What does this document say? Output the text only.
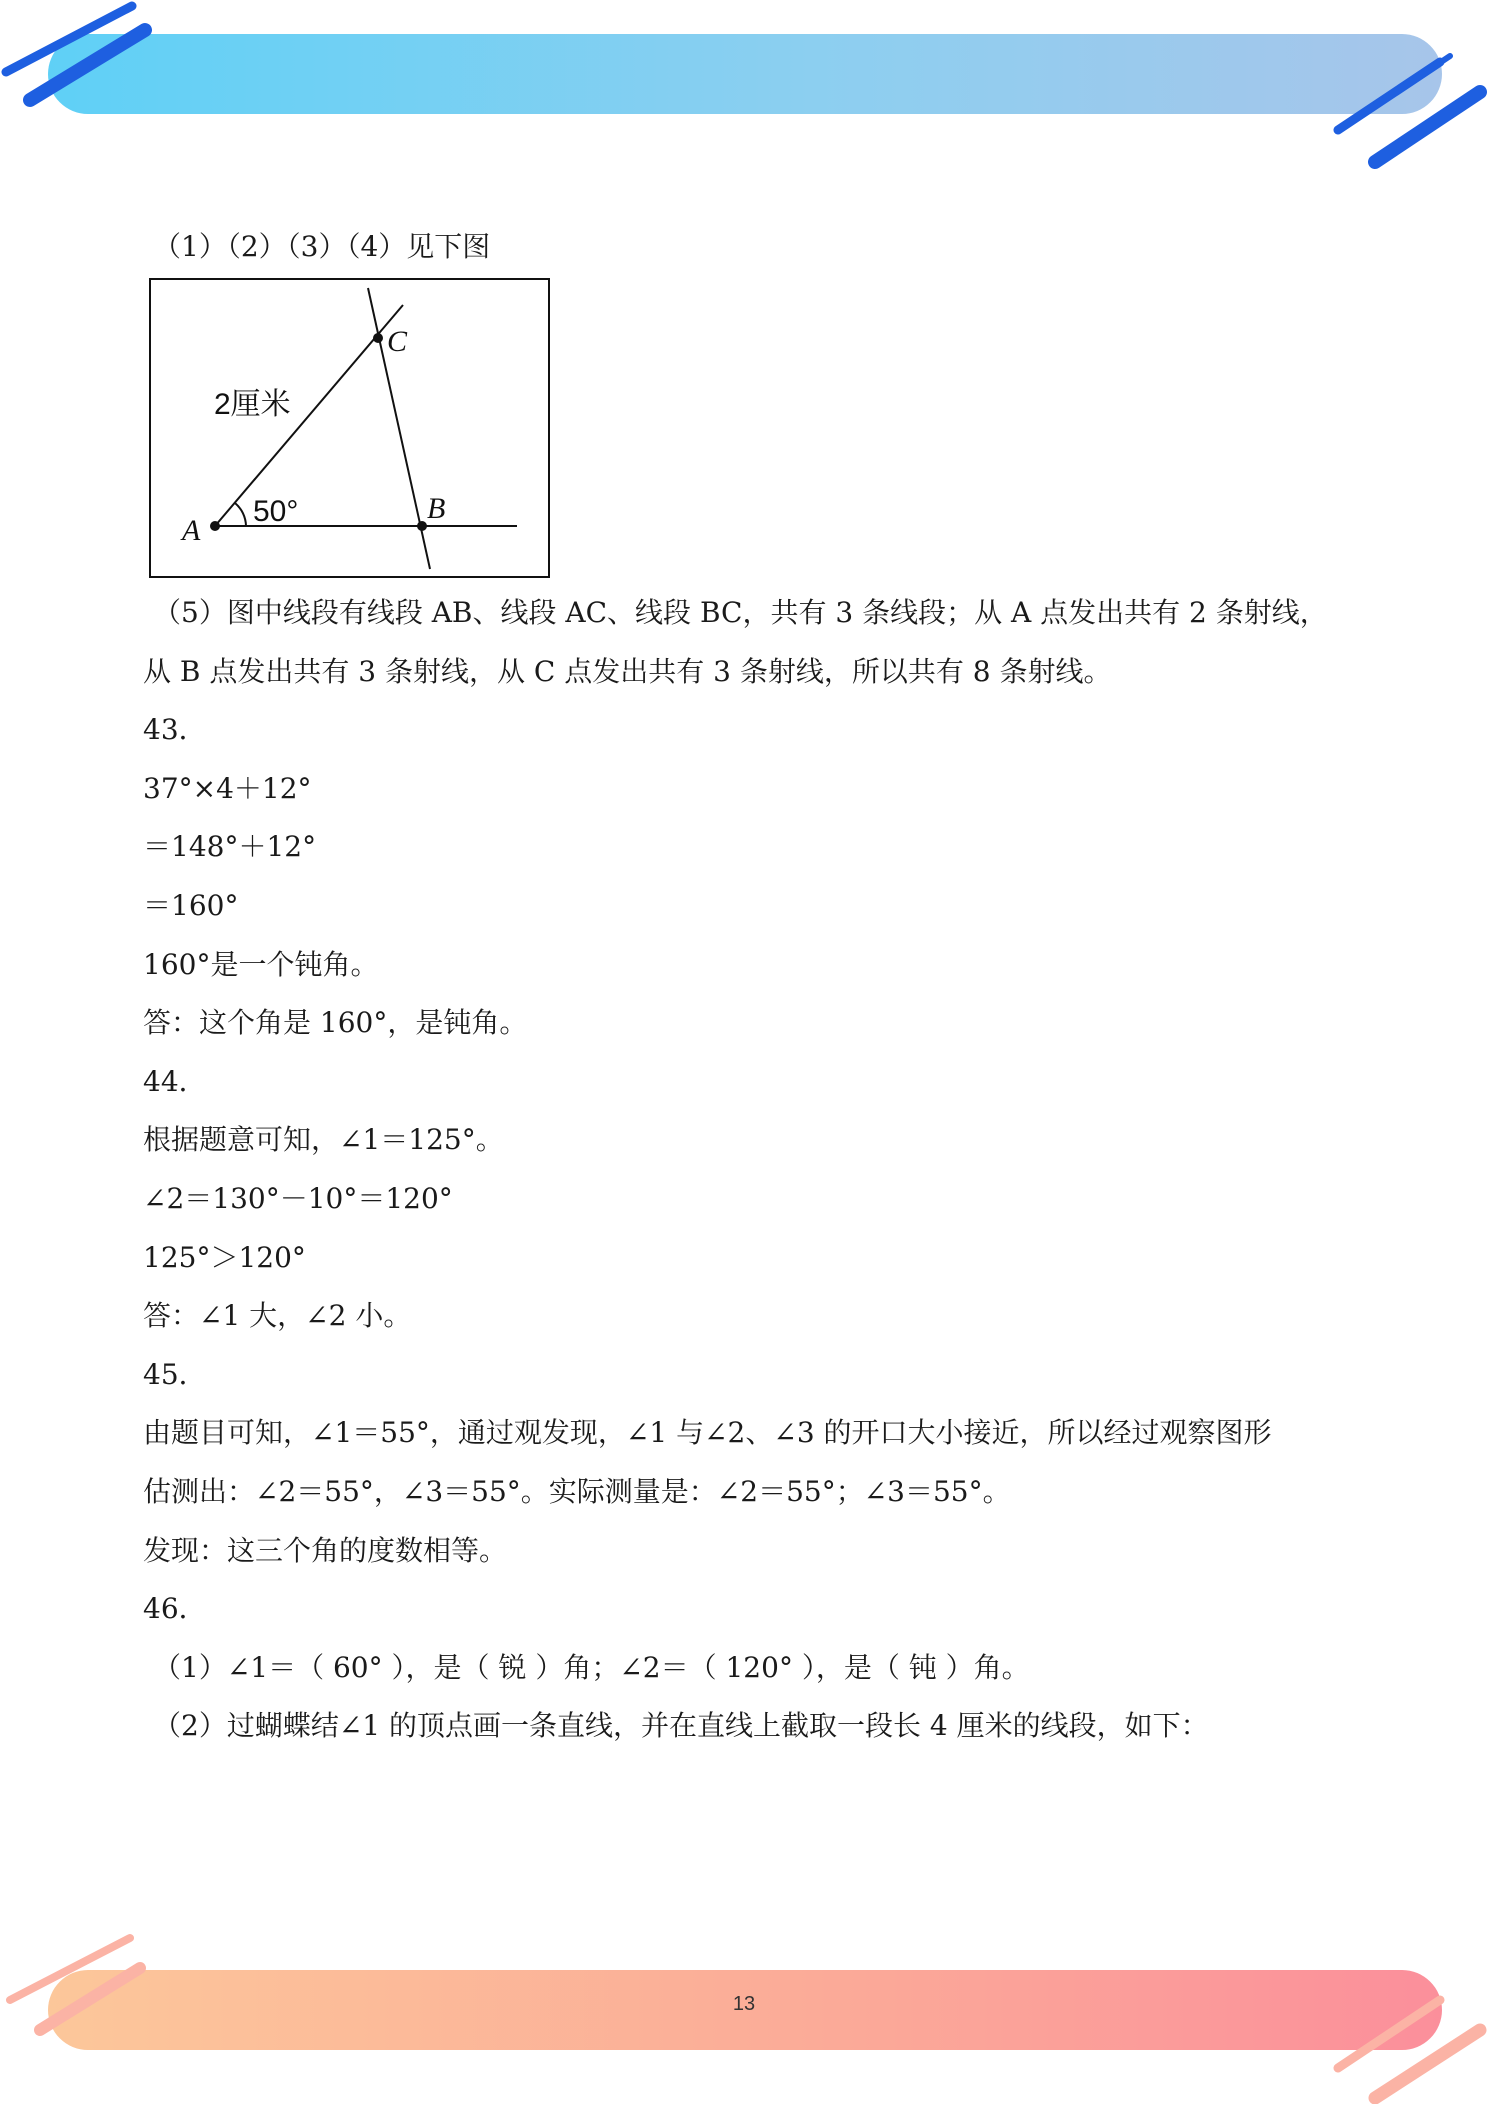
（1）（2）（3）（4）见下图
2厘米
50°
A
B
C
（5）图中线段有线段 AB、线段 AC、线段 BC，共有 3 条线段；从 A 点发出共有 2 条射线，
从 B 点发出共有 3 条射线，从 C 点发出共有 3 条射线，所以共有 8 条射线。
43．
37°×4＋12°
＝148°＋12°
＝160°
160°是一个钝角。
答：这个角是 160°，是钝角。
44．
根据题意可知，∠1＝125°。
∠2＝130°－10°＝120°
125°＞120°
答：∠1 大，∠2 小。
45．
由题目可知，∠1＝55°，通过观发现，∠1 与∠2、∠3 的开口大小接近，所以经过观察图形
估测出：∠2＝55°，∠3＝55°。实际测量是：∠2＝55°；∠3＝55°。
发现：这三个角的度数相等。
46．
（1）∠1＝（ 60° ），是（ 锐 ）角；∠2＝（ 120° ），是（ 钝 ）角。
（2）过蝴蝶结∠1 的顶点画一条直线，并在直线上截取一段长 4 厘米的线段，如下：
13
